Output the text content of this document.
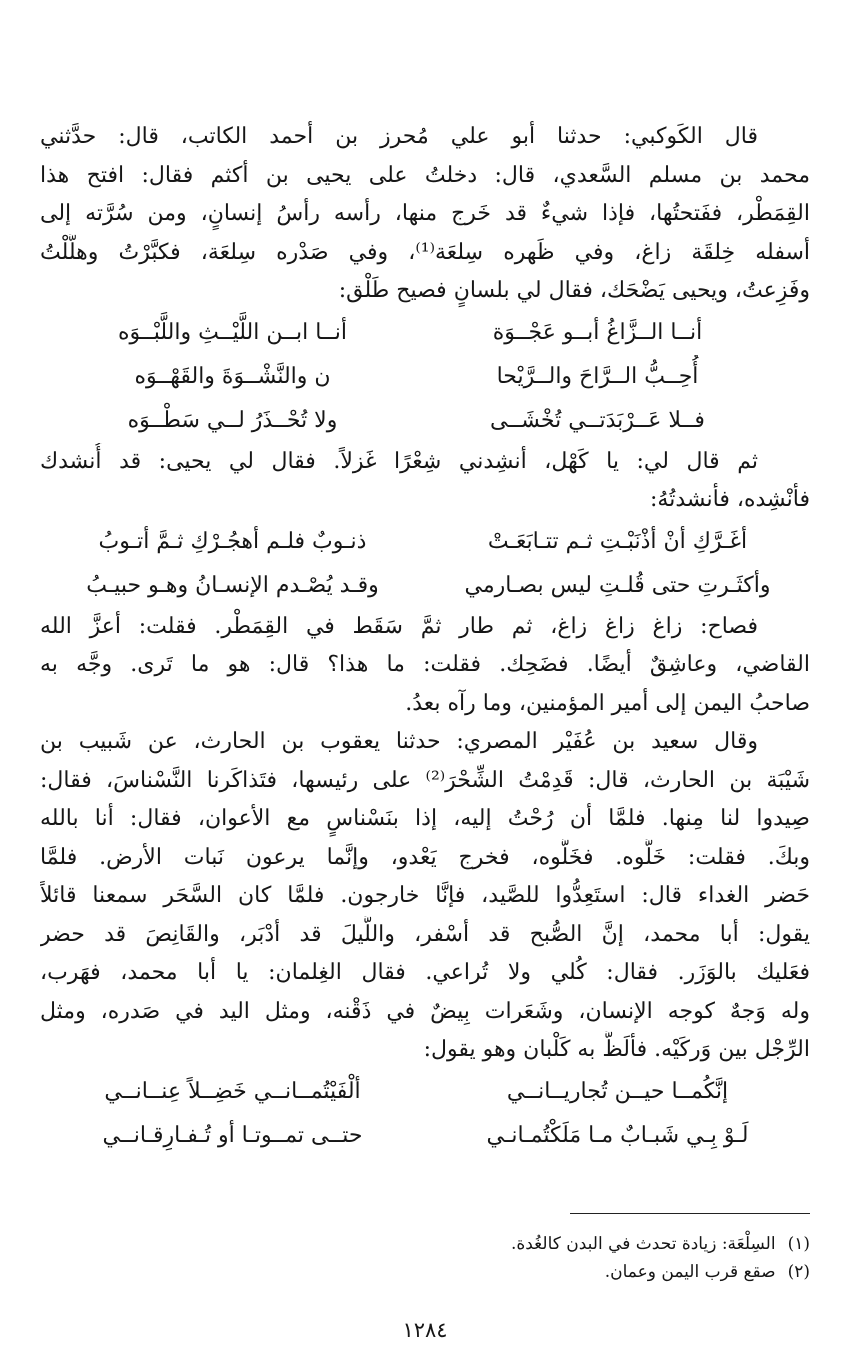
قال الكَوكبي: حدثنا أبو علي مُحرز بن أحمد الكاتب، قال: حدَّثني
محمد بن مسلم السَّعدي، قال: دخلتُ على يحيى بن أكثم فقال: افتح هذا
القِمَطْر، ففَتحتُها، فإذا شيءٌ قد خَرج منها، رأسه رأسُ إنسانٍ، ومن سُرَّته إلى
أسفله خِلقَة زاغ، وفي ظَهره سِلعَة⁽¹⁾، وفي صَدْره سِلعَة، فكبَّرْتُ وهلَّلْتُ
وفَزِعتُ، ويحيى يَضْحَك، فقال لي بلسانٍ فصيح طَلْق:
أنــا الــزَّاغُ أبــو عَجْــوَة
أنــا ابــن اللَّيْــثِ واللَّبْــوَه
أُحِــبُّ الــرَّاحَ والــرَّيْحا
ن والنَّشْــوَةَ والقَهْــوَه
فــلا عَــرْبَدَتــي تُخْشَــى
ولا تُحْــذَرُ لــي سَطْــوَه
ثم قال لي: يا كَهْل، أنشِدني شِعْرًا غَزلاً. فقال لي يحيى: قد أُنشدك
فأنْشِده، فأنشدتُهُ:
أغَـرَّكِ أنْ أذْنَبْـتِ ثـم تتـابَعَـتْ
ذنـوبٌ فلـم أهجُـرْكِ ثـمَّ أتـوبُ
وأكثَـرتِ حتى قُلـتِ ليس بصـارمي
وقـد يُصْـدم الإنسـانُ وهـو حبيـبُ
فصاح: زاغ زاغ زاغ، ثم طار ثمَّ سَقَط في القِمَطْر. فقلت: أعزَّ الله
القاضي، وعاشِقٌ أيضًا. فضَحِك. فقلت: ما هذا؟ قال: هو ما تَرى. وجَّه به
صاحبُ اليمن إلى أمير المؤمنين، وما رآه بعدُ.
وقال سعيد بن عُفَيْر المصري: حدثنا يعقوب بن الحارث، عن شَبيب بن
شَيْبَة بن الحارث، قال: قَدِمْتُ الشِّحْرَ⁽²⁾ على رئيسها، فتَذاكَرنا النَّسْناسَ، فقال:
صِيدوا لنا مِنها. فلمَّا أن رُحْتُ إليه، إذا بنَسْناسٍ مع الأعوان، فقال: أنا بالله
وبكَ. فقلت: خَلُّوه. فخَلَّوه، فخرج يَعْدو، وإنَّما يرعون نَبات الأرض. فلمَّا
حَضر الغداء قال: استَعِدُّوا للصَّيد، فإنَّا خارجون. فلمَّا كان السَّحَر سمعنا قائلاً
يقول: أبا محمد، إنَّ الصُّبح قد أسْفر، واللَّيلَ قد أدْبَر، والقَانِصَ قد حضر
فعَليك بالوَزَر. فقال: كُلي ولا تُراعي. فقال الغِلمان: يا أبا محمد، فهَرب،
وله وَجهٌ كوجه الإنسان، وشَعَرات بِيضٌ في ذَقْنه، ومثل اليد في صَدره، ومثل
الرِّجْل بين وَركَيْه. فألَظَّ به كَلْبان وهو يقول:
إنَّكُمــا حيــن تُجاريــانــي
ألْفَيْتُمــانــي خَضِــلاً عِنــانــي
لَـوْ بِـي شَبـابٌ مـا مَلَكْتُمـانـي
حتــى تمــوتـا أو تُـفـارِقـانــي
(١)السِلْعَة: زيادة تحدث في البدن كالغُدة.
(٢)صقع قرب اليمن وعمان.
١٢٨٤
